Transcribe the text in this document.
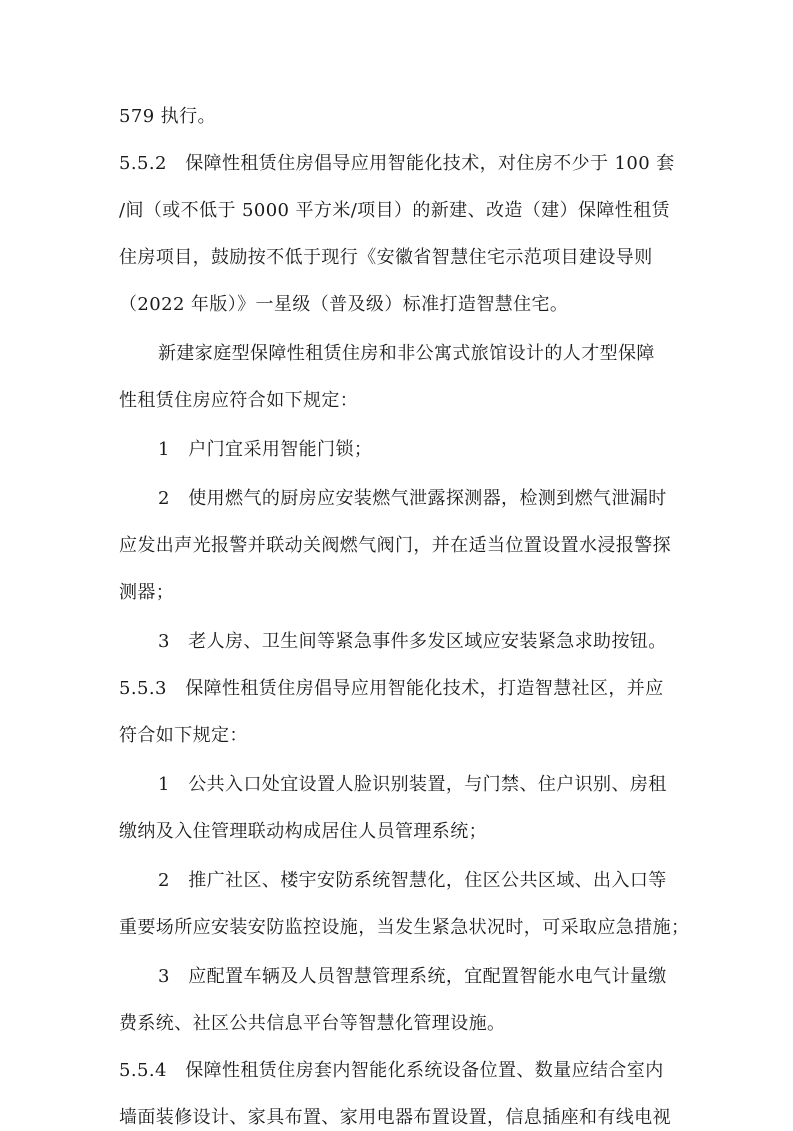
579 执行。
5.5.2　保障性租赁住房倡导应用智能化技术，对住房不少于 100 套
/间（或不低于 5000 平方米/项目）的新建、改造（建）保障性租赁
住房项目，鼓励按不低于现行《安徽省智慧住宅示范项目建设导则
（2022 年版）》一星级（普及级）标准打造智慧住宅。
新建家庭型保障性租赁住房和非公寓式旅馆设计的人才型保障
性租赁住房应符合如下规定：
1　户门宜采用智能门锁；
2　使用燃气的厨房应安装燃气泄露探测器，检测到燃气泄漏时
应发出声光报警并联动关阀燃气阀门，并在适当位置设置水浸报警探
测器；
3　老人房、卫生间等紧急事件多发区域应安装紧急求助按钮。
5.5.3　保障性租赁住房倡导应用智能化技术，打造智慧社区，并应
符合如下规定：
1　公共入口处宜设置人脸识别装置，与门禁、住户识别、房租
缴纳及入住管理联动构成居住人员管理系统；
2　推广社区、楼宇安防系统智慧化，住区公共区域、出入口等
重要场所应安装安防监控设施，当发生紧急状况时，可采取应急措施；
3　应配置车辆及人员智慧管理系统，宜配置智能水电气计量缴
费系统、社区公共信息平台等智慧化管理设施。
5.5.4　保障性租赁住房套内智能化系统设备位置、数量应结合室内
墙面装修设计、家具布置、家用电器布置设置，信息插座和有线电视
